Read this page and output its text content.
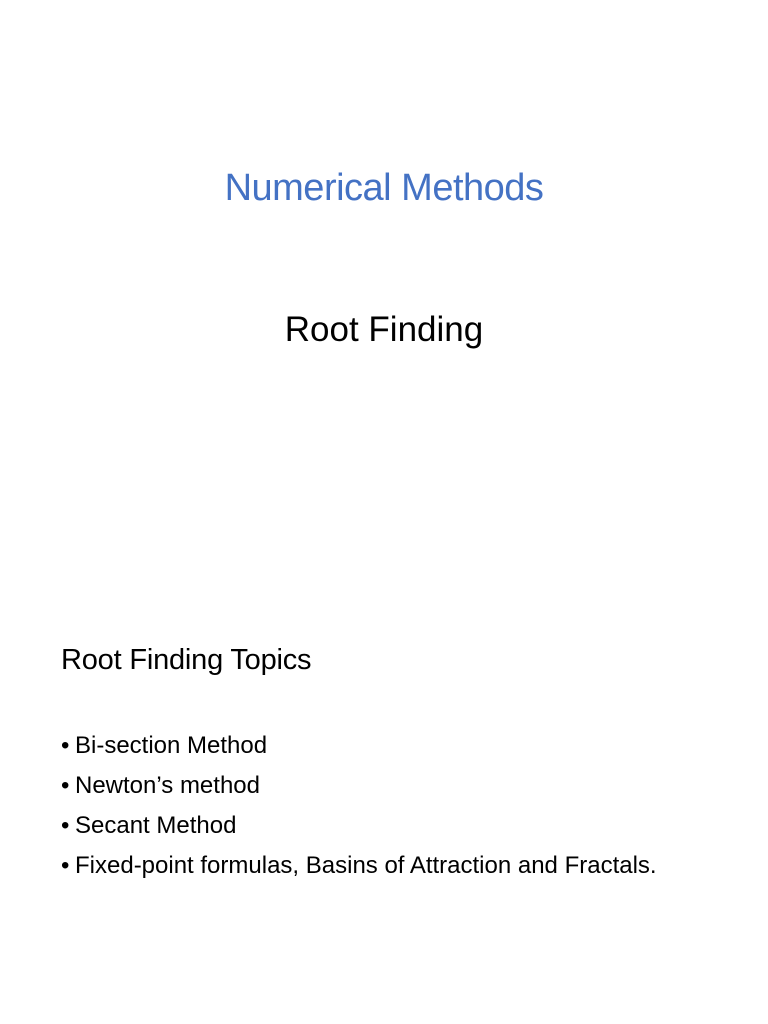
Numerical Methods
Root Finding
Root Finding Topics
• Bi-section Method
• Newton’s method
• Secant Method
• Fixed-point formulas, Basins of Attraction and Fractals.
